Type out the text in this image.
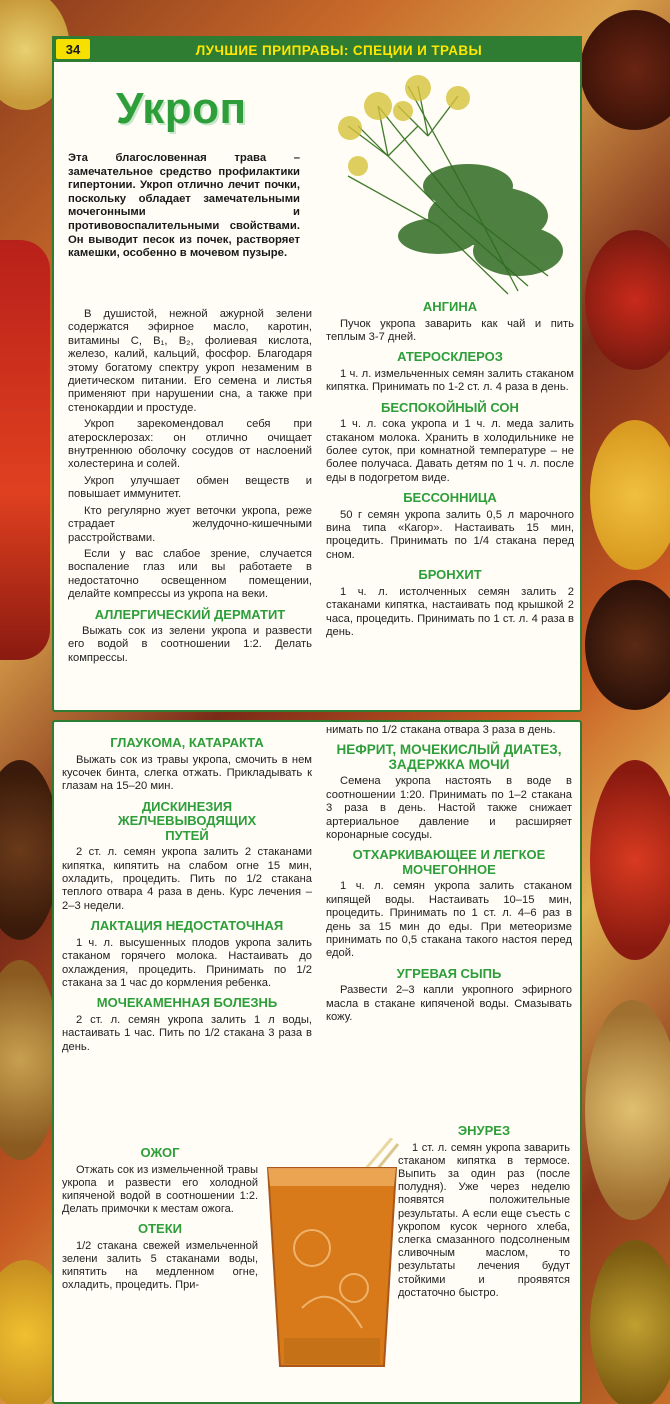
34	ЛУЧШИЕ ПРИПРАВЫ: СПЕЦИИ И ТРАВЫ
Укроп
Эта благословенная трава – замечательное средство профилактики гипертонии. Укроп отлично лечит почки, поскольку обладает замечательными мочегонными и противовоспалительными свойствами. Он выводит песок из почек, растворяет камешки, особенно в мочевом пузыре.

В душистой, нежной ажурной зелени содержатся эфирное масло, каротин, витамины С, В₁, В₂, фолиевая кислота, железо, калий, кальций, фосфор. Благодаря этому богатому спектру укроп незаменим в диетическом питании. Его семена и листья применяют при нарушении сна, а также при стенокардии и простуде.

Укроп зарекомендовал себя при атеросклерозах: он отлично очищает внутреннюю оболочку сосудов от наслоений холестерина и солей.

Укроп улучшает обмен веществ и повышает иммунитет.

Кто регулярно жует веточки укропа, реже страдает желудочно-кишечными расстройствами.

Если у вас слабое зрение, случается воспаление глаз или вы работаете в недостаточно освещенном помещении, делайте компрессы из укропа на веки.

АЛЛЕРГИЧЕСКИЙ ДЕРМАТИТ
Выжать сок из зелени укропа и развести его водой в соотношении 1:2. Делать компрессы.
АНГИНА
Пучок укропа заварить как чай и пить теплым 3-7 дней.
АТЕРОСКЛЕРОЗ
1 ч. л. измельченных семян залить стаканом кипятка. Принимать по 1-2 ст. л. 4 раза в день.
БЕСПОКОЙНЫЙ СОН
1 ч. л. сока укропа и 1 ч. л. меда залить стаканом молока. Хранить в холодильнике не более суток, при комнатной температуре – не более получаса. Давать детям по 1 ч. л. после еды в подогретом виде.
БЕССОННИЦА
50 г семян укропа залить 0,5 л марочного вина типа «Кагор». Настаивать 15 мин, процедить. Принимать по 1/4 стакана перед сном.
БРОНХИТ
1 ч. л. истолченных семян залить 2 стаканами кипятка, настаивать под крышкой 2 часа, процедить. Принимать по 1 ст. л. 4 раза в день.
ГЛАУКОМА, КАТАРАКТА
Выжать сок из травы укропа, смочить в нем кусочек бинта, слегка отжать. Прикладывать к глазам на 15–20 мин.
ДИСКИНЕЗИЯ ЖЕЛЧЕВЫВОДЯЩИХ ПУТЕЙ
2 ст. л. семян укропа залить 2 стаканами кипятка, кипятить на слабом огне 15 мин, охладить, процедить. Пить по 1/2 стакана теплого отвара 4 раза в день. Курс лечения – 2–3 недели.
ЛАКТАЦИЯ НЕДОСТАТОЧНАЯ
1 ч. л. высушенных плодов укропа залить стаканом горячего молока. Настаивать до охлаждения, процедить. Принимать по 1/2 стакана за 1 час до кормления ребенка.
МОЧЕКАМЕННАЯ БОЛЕЗНЬ
2 ст. л. семян укропа залить 1 л воды, настаивать 1 час. Пить по 1/2 стакана 3 раза в день.
ОЖОГ
Отжать сок из измельченной травы укропа и развести его холодной кипяченой водой в соотношении 1:2. Делать примочки к местам ожога.
ОТЕКИ
1/2 стакана свежей измельченной зелени залить 5 стаканами воды, кипятить на медленном огне, охладить, процедить. При-
нимать по 1/2 стакана отвара 3 раза в день.
НЕФРИТ, МОЧЕКИСЛЫЙ ДИАТЕЗ, ЗАДЕРЖКА МОЧИ
Семена укропа настоять в воде в соотношении 1:20. Принимать по 1–2 стакана 3 раза в день. Настой также снижает артериальное давление и расширяет коронарные сосуды.
ОТХАРКИВАЮЩЕЕ И ЛЕГКОЕ МОЧЕГОННОЕ
1 ч. л. семян укропа залить стаканом кипящей воды. Настаивать 10–15 мин, процедить. Принимать по 1 ст. л. 4–6 раз в день за 15 мин до еды. При метеоризме принимать по 0,5 стакана такого настоя перед едой.
УГРЕВАЯ СЫПЬ
Развести 2–3 капли укропного эфирного масла в стакане кипяченой воды. Смазывать кожу.
ЭНУРЕЗ
1 ст. л. семян укропа заварить стаканом кипятка в термосе. Выпить за один раз (после полудня). Уже через неделю появятся положительные результаты. А если еще съесть с укропом кусок черного хлеба, слегка смазанного подсолненым сливочным маслом, то результаты лечения будут стойкими и проявятся достаточно быстро.
